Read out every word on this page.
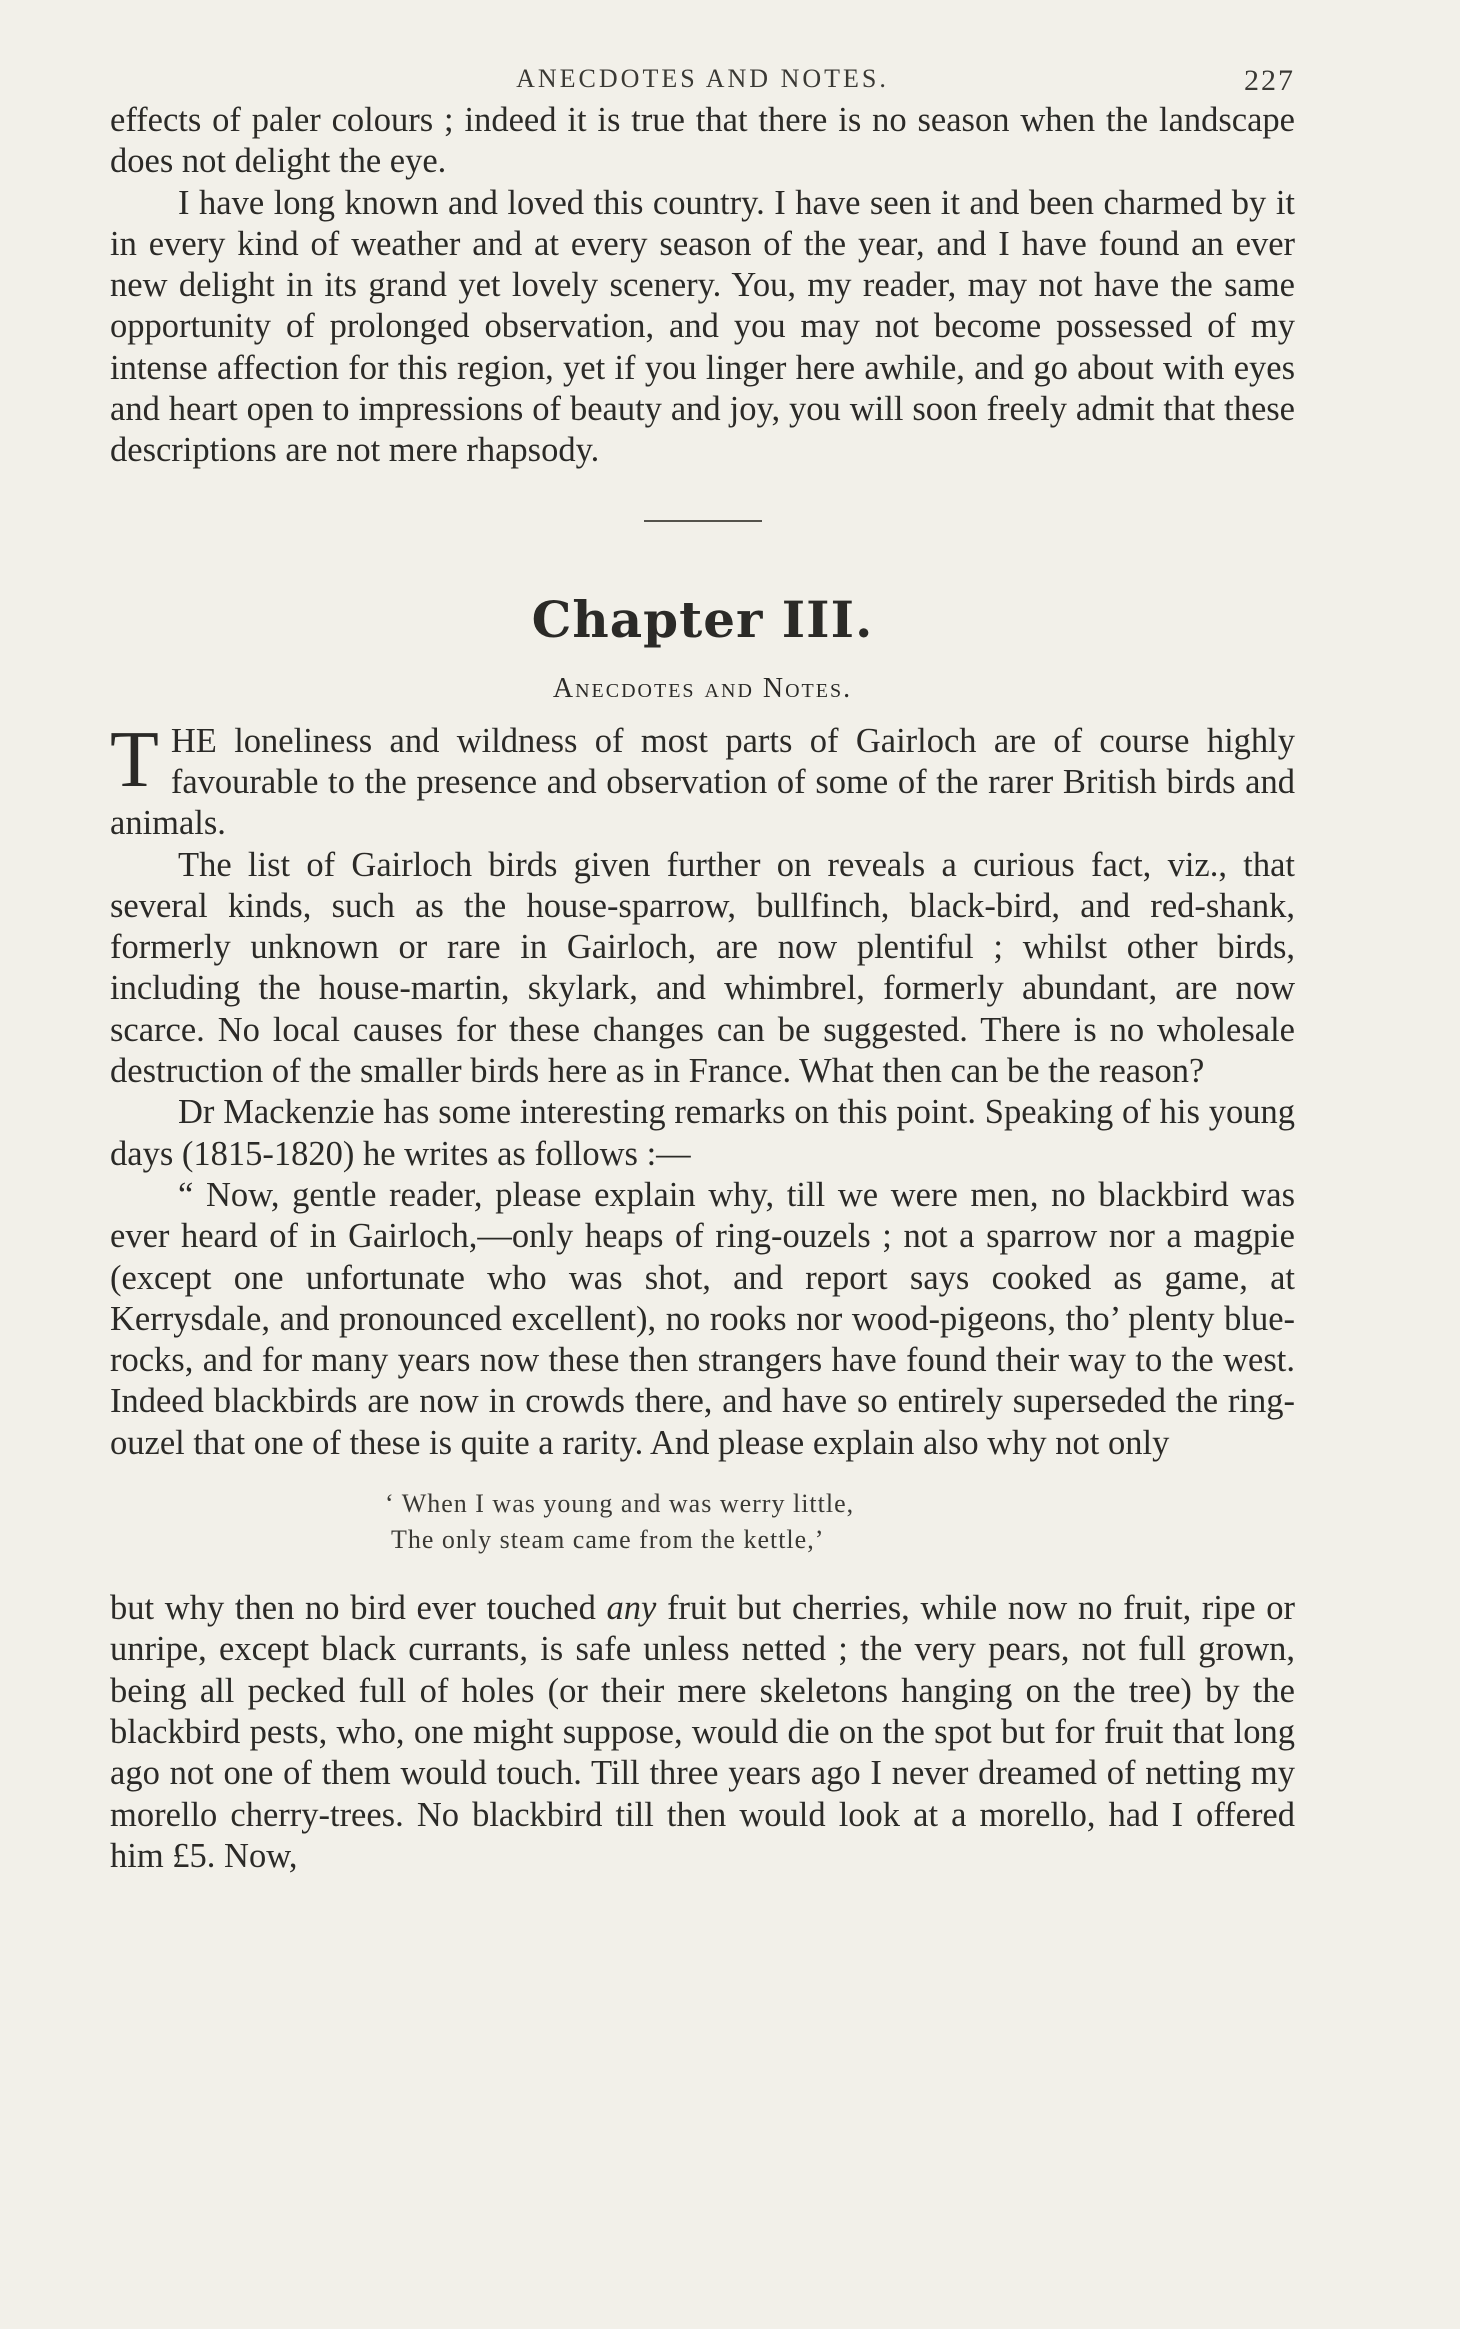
ANECDOTES AND NOTES.	227

effects of paler colours ; indeed it is true that there is no season when the landscape does not delight the eye.

I have long known and loved this country. I have seen it and been charmed by it in every kind of weather and at every season of the year, and I have found an ever new delight in its grand yet lovely scenery. You, my reader, may not have the same opportunity of prolonged observation, and you may not become possessed of my intense affection for this region, yet if you linger here awhile, and go about with eyes and heart open to impressions of beauty and joy, you will soon freely admit that these descriptions are not mere rhapsody.

Chapter III.
Anecdotes and Notes.

THE loneliness and wildness of most parts of Gairloch are of course highly favourable to the presence and observation of some of the rarer British birds and animals.

The list of Gairloch birds given further on reveals a curious fact, viz., that several kinds, such as the house-sparrow, bullfinch, black-bird, and red-shank, formerly unknown or rare in Gairloch, are now plentiful ; whilst other birds, including the house-martin, skylark, and whimbrel, formerly abundant, are now scarce. No local causes for these changes can be suggested. There is no wholesale destruction of the smaller birds here as in France. What then can be the reason?

Dr Mackenzie has some interesting remarks on this point. Speaking of his young days (1815-1820) he writes as follows :—

“ Now, gentle reader, please explain why, till we were men, no blackbird was ever heard of in Gairloch,—only heaps of ring-ouzels ; not a sparrow nor a magpie (except one unfortunate who was shot, and report says cooked as game, at Kerrysdale, and pronounced excellent), no rooks nor wood-pigeons, tho’ plenty blue-rocks, and for many years now these then strangers have found their way to the west. Indeed blackbirds are now in crowds there, and have so entirely superseded the ring-ouzel that one of these is quite a rarity. And please explain also why not only

‘ When I was young and was werry little,
The only steam came from the kettle,’

but why then no bird ever touched any fruit but cherries, while now no fruit, ripe or unripe, except black currants, is safe unless netted ; the very pears, not full grown, being all pecked full of holes (or their mere skeletons hanging on the tree) by the blackbird pests, who, one might suppose, would die on the spot but for fruit that long ago not one of them would touch. Till three years ago I never dreamed of netting my morello cherry-trees. No blackbird till then would look at a morello, had I offered him £5. Now,
